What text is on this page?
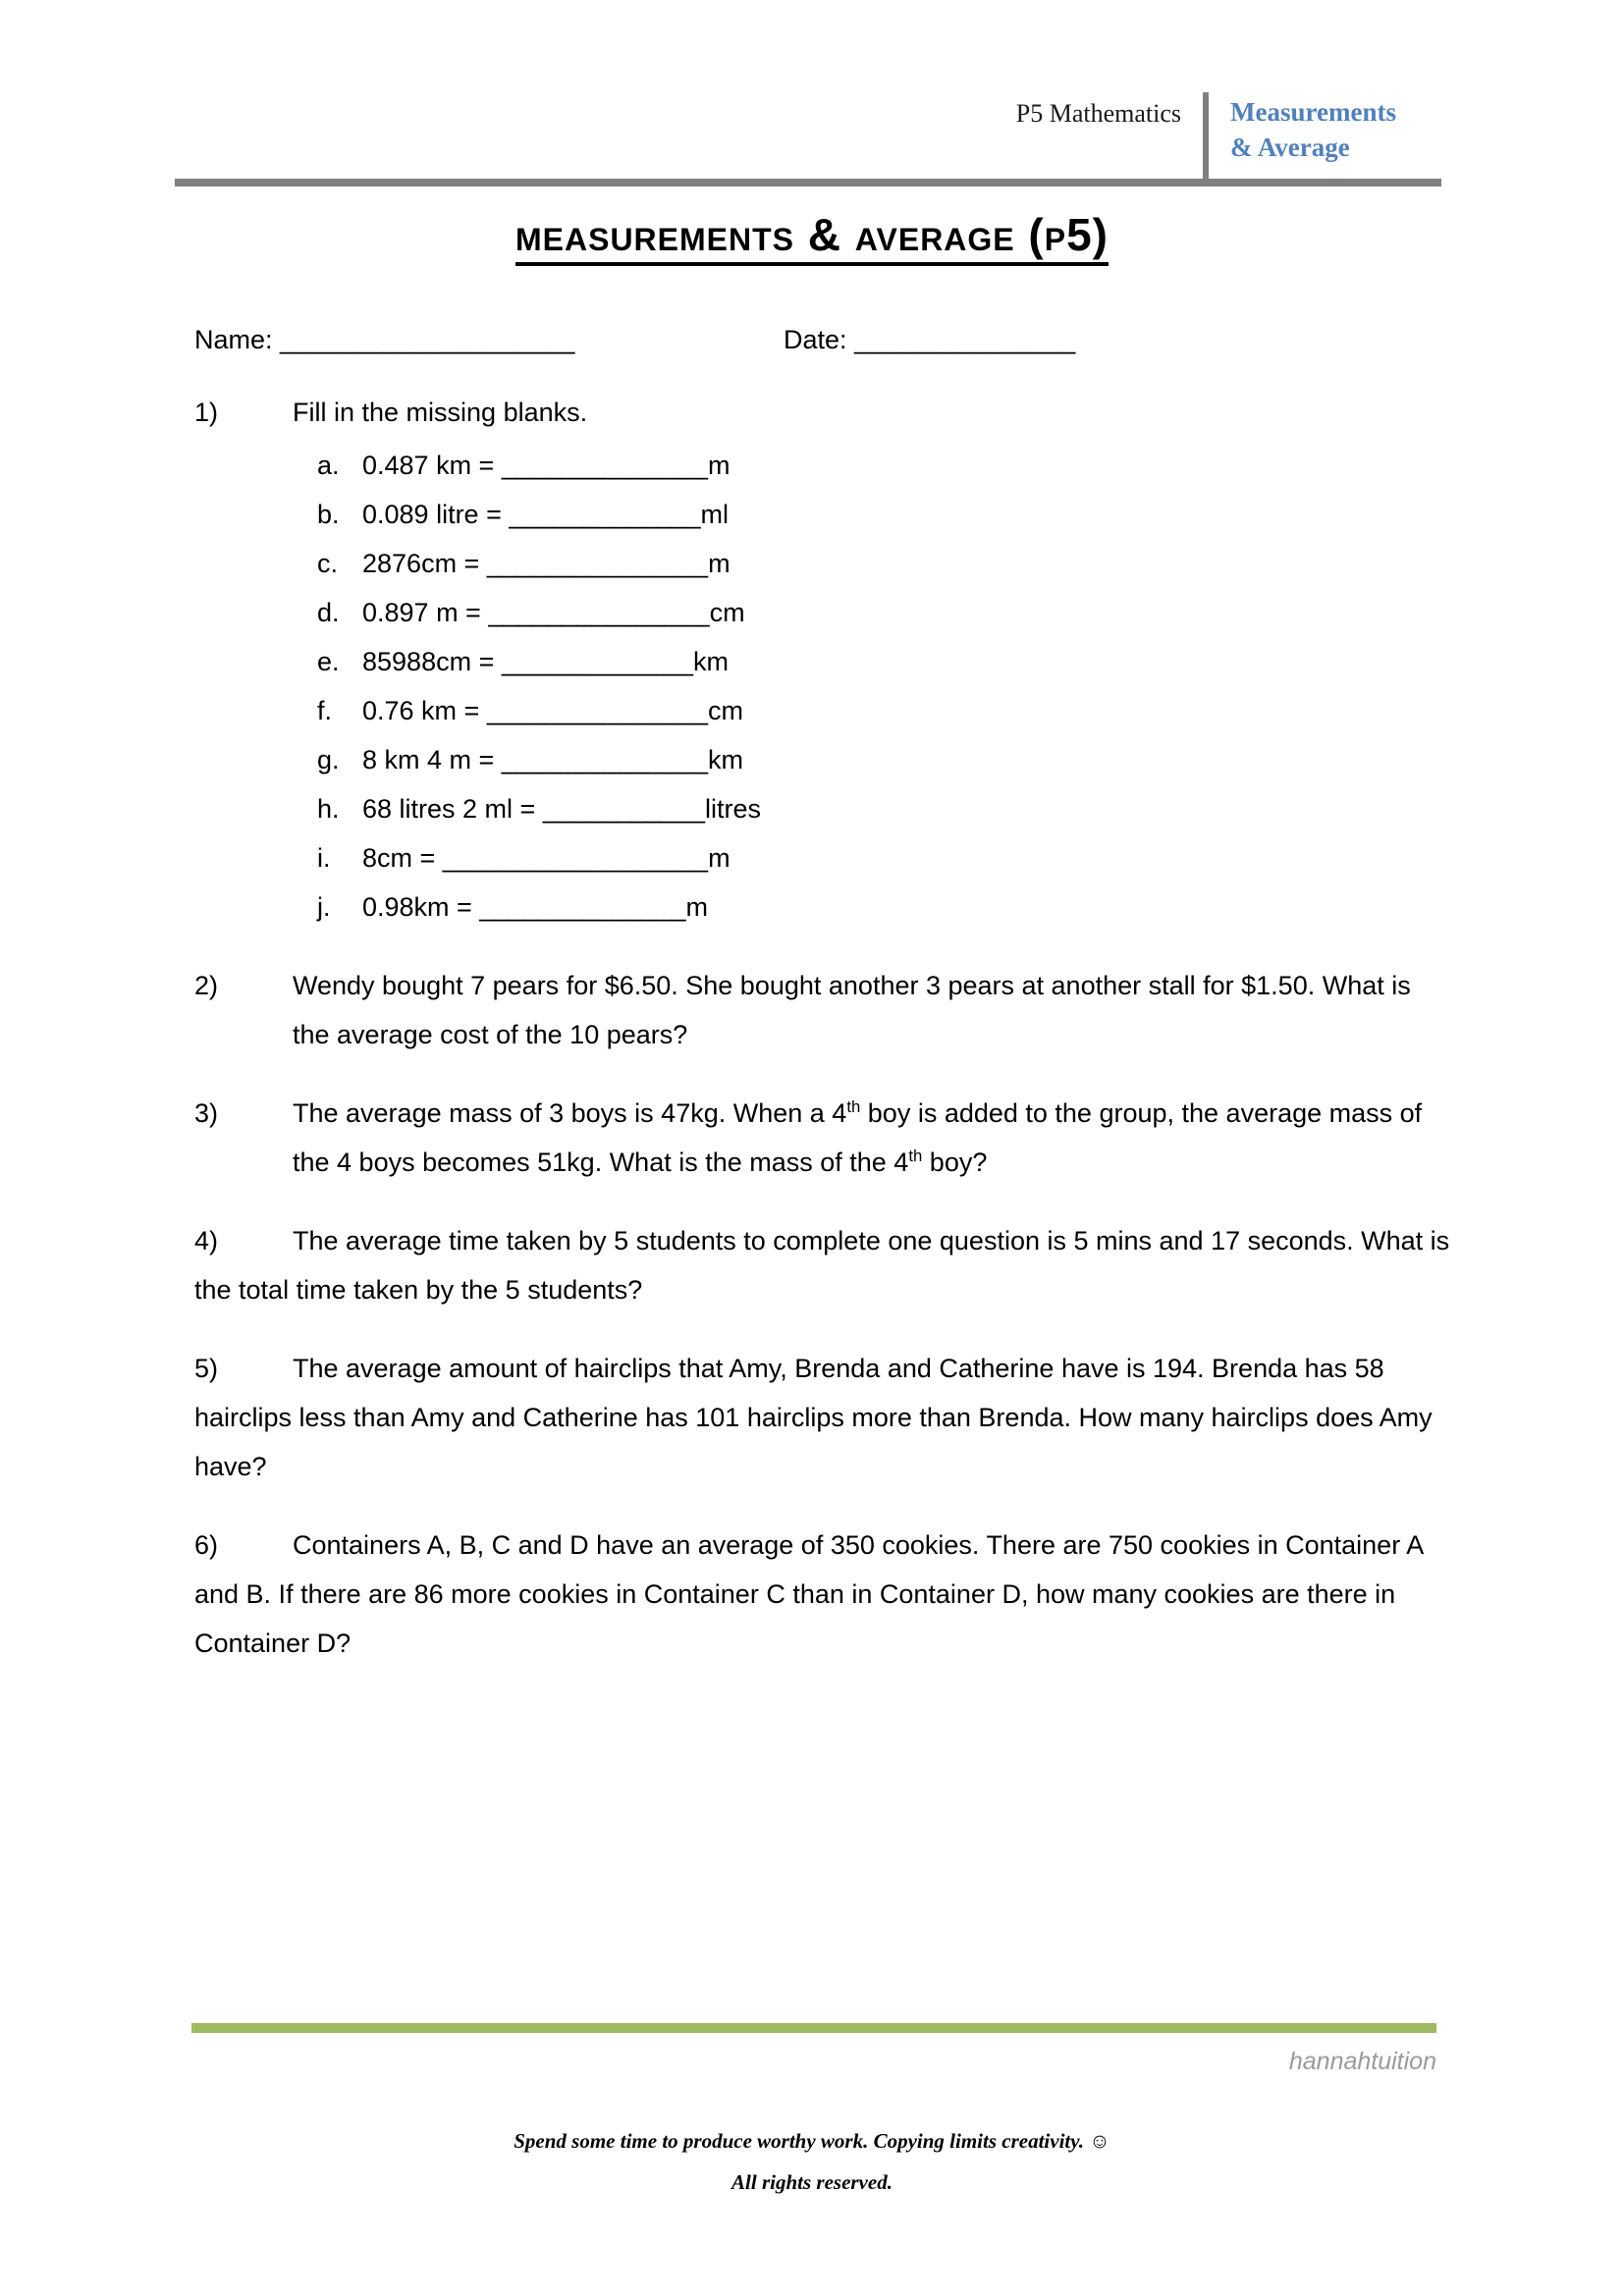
P5 Mathematics	Measurements
& Average
measurements & average (p5)
Name: ____________________	Date: _______________
1)	Fill in the missing blanks.
a. 0.487 km = ______________m
b. 0.089 litre = _____________ml
c. 2876cm = _______________m
d. 0.897 m = _______________cm
e. 85988cm = _____________km
f.	0.76 km = _______________cm
g. 8 km 4 m = ______________km
h. 68 litres 2 ml = ___________litres
i.	8cm = __________________m
j.	0.98km = ______________m
2)	Wendy bought 7 pears for $6.50. She bought another 3 pears at another stall for $1.50. What is the average cost of the 10 pears?
3)	The average mass of 3 boys is 47kg. When a 4th boy is added to the group, the average mass of the 4 boys becomes 51kg. What is the mass of the 4th boy?
4)	The average time taken by 5 students to complete one question is 5 mins and 17 seconds. What is the total time taken by the 5 students?
5)	The average amount of hairclips that Amy, Brenda and Catherine have is 194. Brenda has 58 hairclips less than Amy and Catherine has 101 hairclips more than Brenda. How many hairclips does Amy have?
6)	Containers A, B, C and D have an average of 350 cookies. There are 750 cookies in Container A and B. If there are 86 more cookies in Container C than in Container D, how many cookies are there in Container D?
hannahtuition
Spend some time to produce worthy work. Copying limits creativity. ☺
All rights reserved.
